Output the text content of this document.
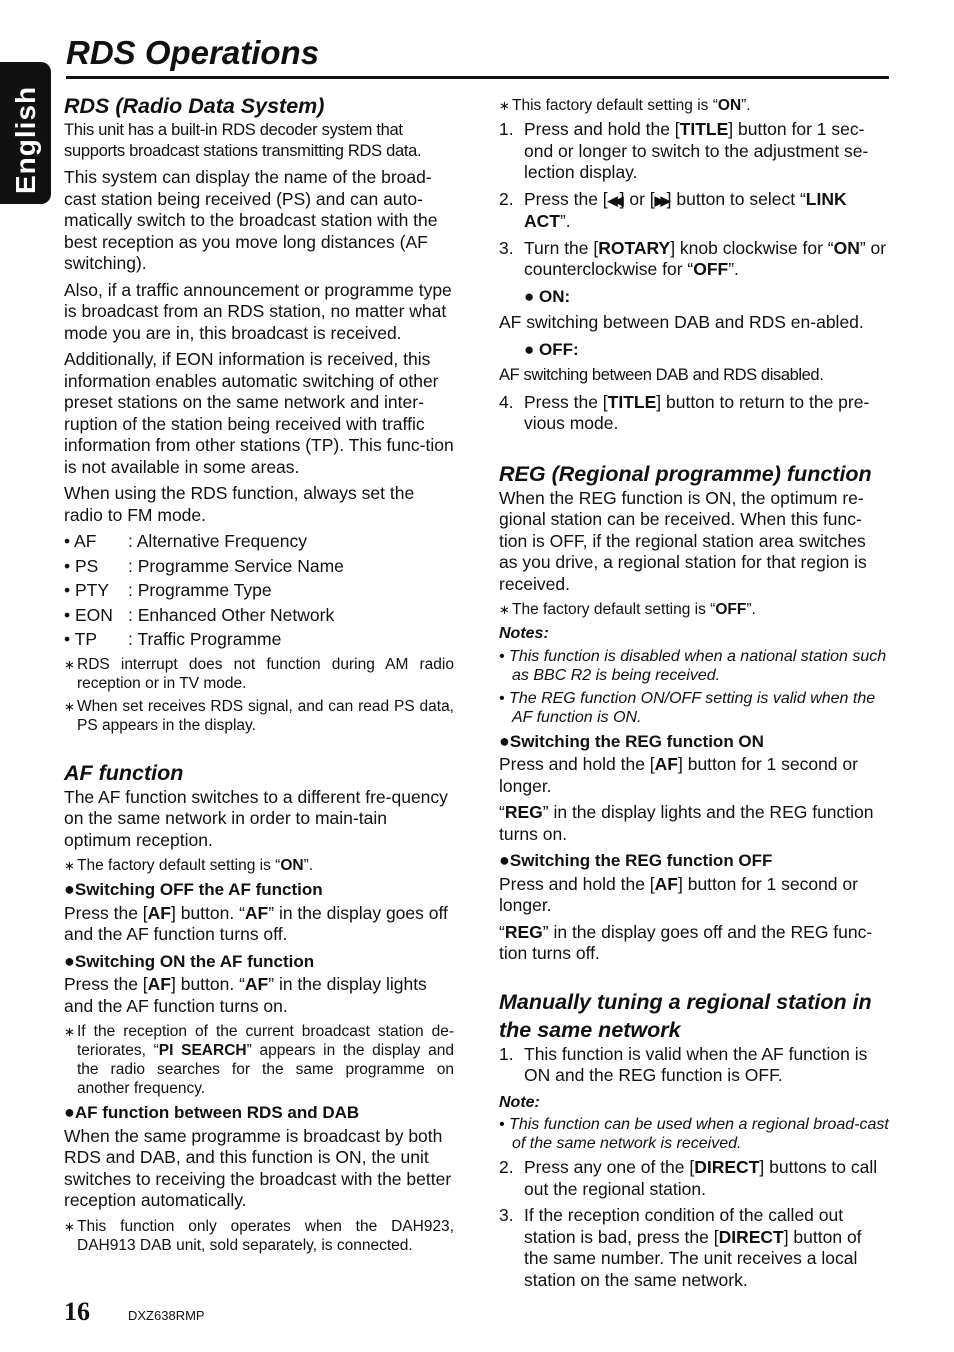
English
RDS Operations
RDS (Radio Data System)

This unit has a built-in RDS decoder system that supports broadcast stations transmitting RDS data.

This system can display the name of the broad-cast station being received (PS) and can auto-matically switch to the broadcast station with the best reception as you move long distances (AF switching).

Also, if a traffic announcement or programme type is broadcast from an RDS station, no matter what mode you are in, this broadcast is received.

Additionally, if EON information is received, this information enables automatic switching of other preset stations on the same network and inter-ruption of the station being received with traffic information from other stations (TP). This func-tion is not available in some areas.

When using the RDS function, always set the radio to FM mode.

• AF	: Alternative Frequency
• PS	: Programme Service Name
• PTY	: Programme Type
• EON : Enhanced Other Network
• TP	: Traffic Programme
∗ RDS interrupt does not function during AM radio reception or in TV mode.
∗ When set receives RDS signal, and can read PS data, PS appears in the display.
AF function

The AF function switches to a different fre-quency on the same network in order to main-tain optimum reception.

∗ The factory default setting is “ON”.
●Switching OFF the AF function

Press the [AF] button. “AF” in the display goes off and the AF function turns off.

●Switching ON the AF function

Press the [AF] button. “AF” in the display lights and the AF function turns on.

∗ If the reception of the current broadcast station de-teriorates, “PI SEARCH” appears in the display and the radio searches for the same programme on another frequency.
●AF function between RDS and DAB

When the same programme is broadcast by both RDS and DAB, and this function is ON, the unit switches to receiving the broadcast with the better reception automatically.

∗ This function only operates when the DAH923, DAH913 DAB unit, sold separately, is connected.
∗ This factory default setting is “ON”.
1. Press and hold the [TITLE] button for 1 sec-ond or longer to switch to the adjustment se-lection display.
2. Press the [◀◀] or [▶▶] button to select “LINK ACT”.
3. Turn the [ROTARY] knob clockwise for “ON” or counterclockwise for “OFF”.
● ON:

AF switching between DAB and RDS en-abled.

● OFF:

AF switching between DAB and RDS disabled.

4. Press the [TITLE] button to return to the pre-vious mode.
REG (Regional programme) function

When the REG function is ON, the optimum re-gional station can be received. When this func-tion is OFF, if the regional station area switches as you drive, a regional station for that region is received.

∗ The factory default setting is “OFF”.
Notes:
• This function is disabled when a national station such as BBC R2 is being received.
• The REG function ON/OFF setting is valid when the AF function is ON.
●Switching the REG function ON

Press and hold the [AF] button for 1 second or longer.

“REG” in the display lights and the REG function turns on.

●Switching the REG function OFF

Press and hold the [AF] button for 1 second or longer.

“REG” in the display goes off and the REG func-tion turns off.

Manually tuning a regional station in the same network
1. This function is valid when the AF function is ON and the REG function is OFF.
Note:
• This function can be used when a regional broad-cast of the same network is received.
2. Press any one of the [DIRECT] buttons to call out the regional station.
3. If the reception condition of the called out station is bad, press the [DIRECT] button of the same number. The unit receives a local station on the same network.
16	DXZ638RMP
